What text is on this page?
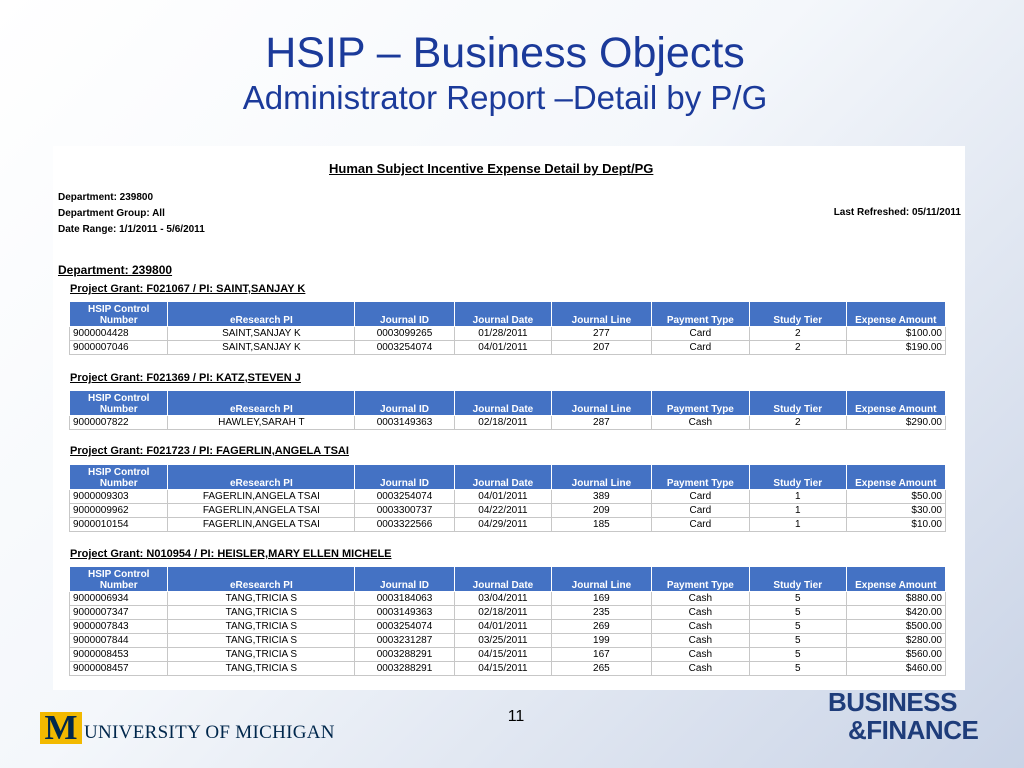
HSIP – Business Objects
Administrator Report –Detail by P/G
Human Subject Incentive Expense Detail by Dept/PG
Department: 239800
Department Group: All
Date Range: 1/1/2011 - 5/6/2011
Last Refreshed: 05/11/2011
Department: 239800
Project Grant: F021067 / PI: SAINT,SANJAY K
HSIP Control Number	eResearch PI	Journal ID	Journal Date	Journal Line	Payment Type	Study Tier	Expense Amount
9000004428	SAINT,SANJAY K	0003099265	01/28/2011	277	Card	2	$100.00
9000007046	SAINT,SANJAY K	0003254074	04/01/2011	207	Card	2	$190.00
Project Grant: F021369 / PI: KATZ,STEVEN J
HSIP Control Number	eResearch PI	Journal ID	Journal Date	Journal Line	Payment Type	Study Tier	Expense Amount
9000007822	HAWLEY,SARAH T	0003149363	02/18/2011	287	Cash	2	$290.00
Project Grant: F021723 / PI: FAGERLIN,ANGELA TSAI
HSIP Control Number	eResearch PI	Journal ID	Journal Date	Journal Line	Payment Type	Study Tier	Expense Amount
9000009303	FAGERLIN,ANGELA TSAI	0003254074	04/01/2011	389	Card	1	$50.00
9000009962	FAGERLIN,ANGELA TSAI	0003300737	04/22/2011	209	Card	1	$30.00
9000010154	FAGERLIN,ANGELA TSAI	0003322566	04/29/2011	185	Card	1	$10.00
Project Grant: N010954 / PI: HEISLER,MARY ELLEN MICHELE
HSIP Control Number	eResearch PI	Journal ID	Journal Date	Journal Line	Payment Type	Study Tier	Expense Amount
9000006934	TANG,TRICIA S	0003184063	03/04/2011	169	Cash	5	$880.00
9000007347	TANG,TRICIA S	0003149363	02/18/2011	235	Cash	5	$420.00
9000007843	TANG,TRICIA S	0003254074	04/01/2011	269	Cash	5	$500.00
9000007844	TANG,TRICIA S	0003231287	03/25/2011	199	Cash	5	$280.00
9000008453	TANG,TRICIA S	0003288291	04/15/2011	167	Cash	5	$560.00
9000008457	TANG,TRICIA S	0003288291	04/15/2011	265	Cash	5	$460.00
11
M UNIVERSITY OF MICHIGAN
BUSINESS
&FINANCE
